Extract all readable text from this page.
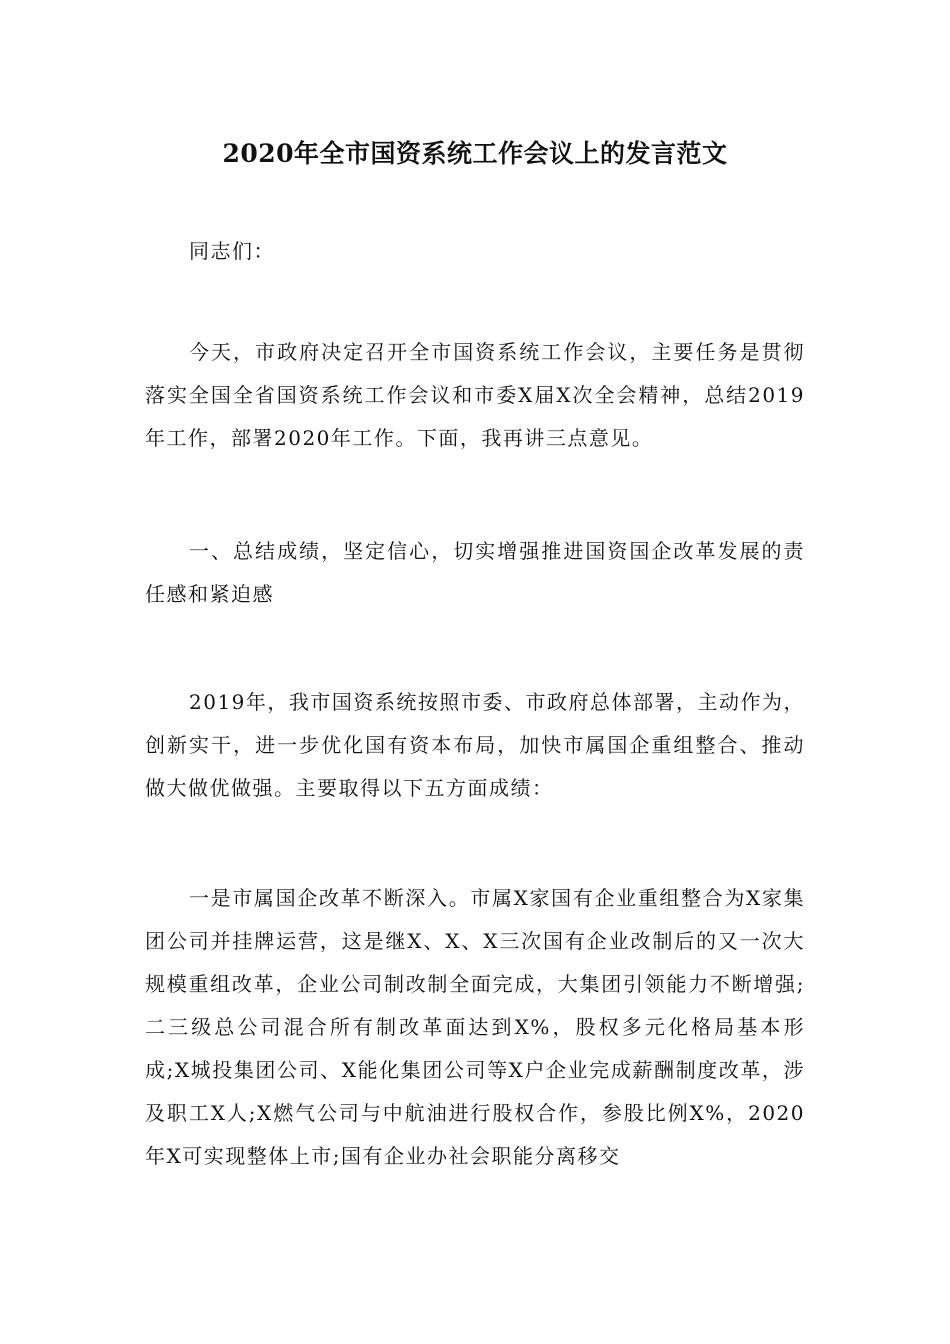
2020年全市国资系统工作会议上的发言范文

同志们：

今天，市政府决定召开全市国资系统工作会议，主要任务是贯彻落实全国全省国资系统工作会议和市委X届X次全会精神，总结2019年工作，部署2020年工作。下面，我再讲三点意见。

一、总结成绩，坚定信心，切实增强推进国资国企改革发展的责任感和紧迫感

2019年，我市国资系统按照市委、市政府总体部署，主动作为，创新实干，进一步优化国有资本布局，加快市属国企重组整合、推动做大做优做强。主要取得以下五方面成绩：

一是市属国企改革不断深入。市属X家国有企业重组整合为X家集团公司并挂牌运营，这是继X、X、X三次国有企业改制后的又一次大规模重组改革，企业公司制改制全面完成，大集团引领能力不断增强;二三级总公司混合所有制改革面达到X%，股权多元化格局基本形成;X城投集团公司、X能化集团公司等X户企业完成薪酬制度改革，涉及职工X人;X燃气公司与中航油进行股权合作，参股比例X%，2020年X可实现整体上市;国有企业办社会职能分离移交
